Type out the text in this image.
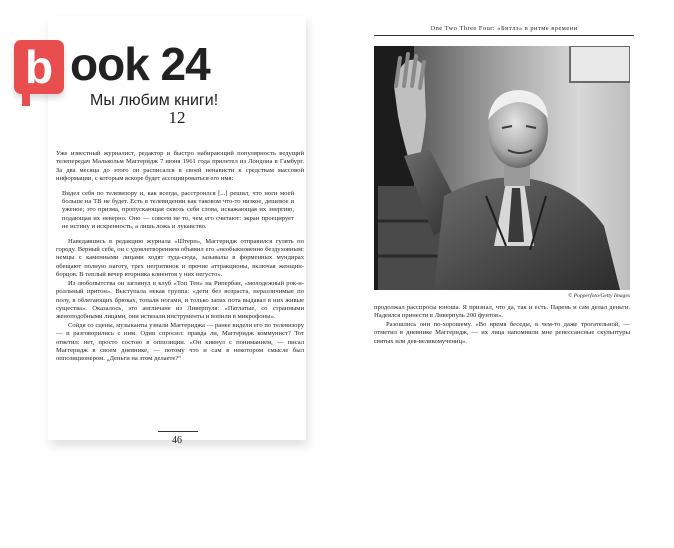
12

Уже известный журналист, редактор и быстро набирающий популярность ведущий телепередач Малькольм Маггеридж 7 июня 1961 года прилетел из Лондона в Гамбург. За два месяца до этого он расписался в своей ненависти к средствам массовой информации, с которым вскоре будет ассоциироваться его имя:

Видел себя по телевизору и, как всегда, расстроился [...] решил, что ноги моей больше на ТВ не будет. Есть в телевидении как таковом что-то низкое, дешевое и уженое; это призма, пропускающая сквозь себя слова, искажающая их энергию, подающая их неверно. Оно — совсем не то, чем его считают: экран проецирует не истину и искренность, а лишь ложь и лукавство.

Наведавшись в редакцию журнала «Штерн», Маггеридж отправился гулять по городу. Верный себе, он с удовлетворением объявил его «необыкновенно бездуховным: немцы с каменными лицами ходят туда-сюда, зазывалы в форменных мундирах обещают полную наготу, трех негритянок и прочие аттракционы, включая женщин-борцов. В теплый вечер вторника клиентов у них негусто».

Из любопытства он заглянул в клуб «Топ Тен» на Рипербан, «молодежный рок-н-ролльный притон». Выступала некая группа: «дети без возраста, неразличимые по полу, в облегающих брюках, топали ногами, и только запах пота выдавал в них живые существа». Оказалось, это англичане из Ливерпуля: «Патлатые, со странными женоподобными лицами, они истязали инструменты и вопили в микрофоны».

Сойдя со сцены, музыканты узнали Маггериджа — ранее видели его по телевизору — и разговорились с ним. Один спросил: правда ли, Маггеридж коммунист? Тот ответил: нет, просто состою в оппозиции. «Он кивнул с пониманием, — писал Маггеридж в своем дневнике, — потому что и сам в некотором смысле был оппозиционером. „Деньги на этом делаете?“

46
One Two Three Four: «Битлз» в ритме времени
© Popperfoto/Getty Images

продолжал расспросы юноша. Я признал, что да, так и есть. Парень и сам делал деньги. Надеялся принести в Ливерпуль 200 фунтов».

Разошлись они по-хорошему. «Во время беседы, в чем-то даже трогательной, — отметил в дневнике Маггеридж, — их лица напомнили мне ренессансные скульптуры святых или дев-великомучениц».

b ook 24
Мы любим книги!
